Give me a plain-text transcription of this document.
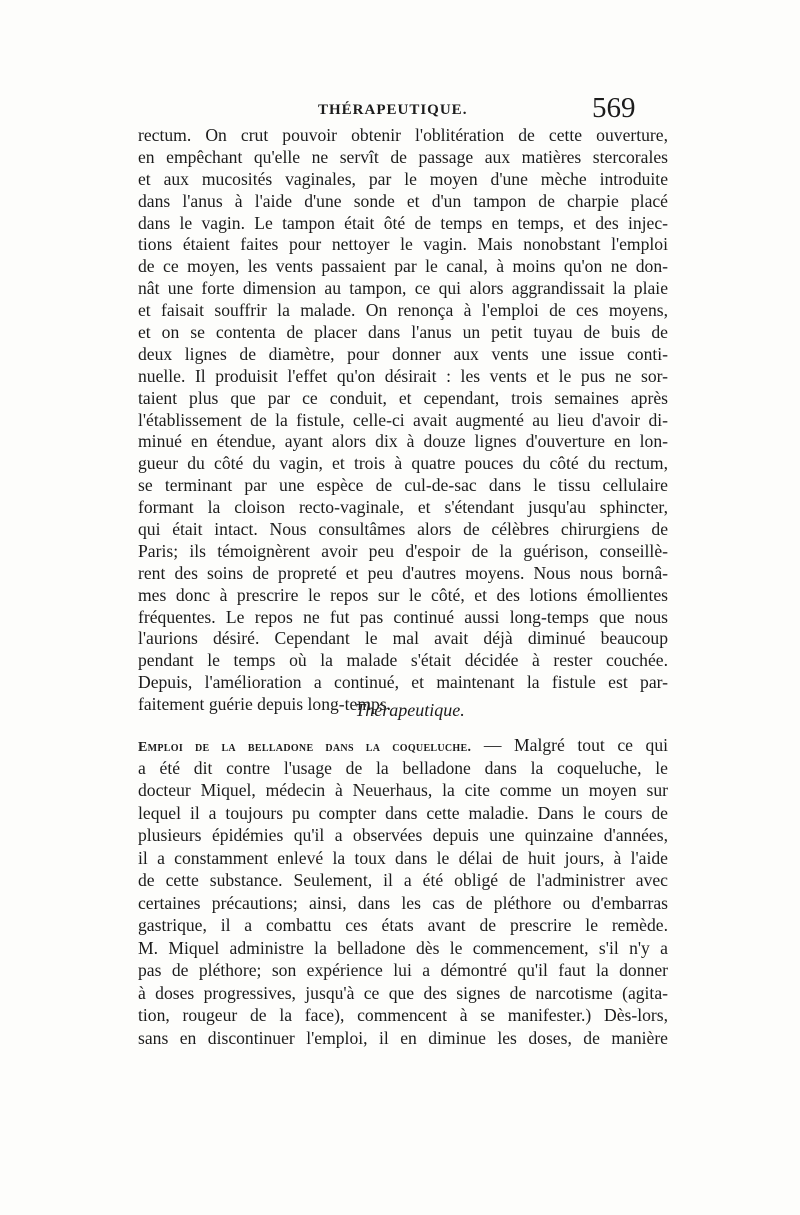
THÉRAPEUTIQUE.	569
rectum. On crut pouvoir obtenir l'oblitération de cette ouverture,
en empêchant qu'elle ne servît de passage aux matières stercorales
et aux mucosités vaginales, par le moyen d'une mèche introduite
dans l'anus à l'aide d'une sonde et d'un tampon de charpie placé
dans le vagin. Le tampon était ôté de temps en temps, et des injec-
tions étaient faites pour nettoyer le vagin. Mais nonobstant l'emploi
de ce moyen, les vents passaient par le canal, à moins qu'on ne don-
nât une forte dimension au tampon, ce qui alors aggrandissait la plaie
et faisait souffrir la malade. On renonça à l'emploi de ces moyens,
et on se contenta de placer dans l'anus un petit tuyau de buis de
deux lignes de diamètre, pour donner aux vents une issue conti-
nuelle. Il produisit l'effet qu'on désirait : les vents et le pus ne sor-
taient plus que par ce conduit, et cependant, trois semaines après
l'établissement de la fistule, celle-ci avait augmenté au lieu d'avoir di-
minué en étendue, ayant alors dix à douze lignes d'ouverture en lon-
gueur du côté du vagin, et trois à quatre pouces du côté du rectum,
se terminant par une espèce de cul-de-sac dans le tissu cellulaire
formant la cloison recto-vaginale, et s'étendant jusqu'au sphincter,
qui était intact. Nous consultâmes alors de célèbres chirurgiens de
Paris; ils témoignèrent avoir peu d'espoir de la guérison, conseillè-
rent des soins de propreté et peu d'autres moyens. Nous nous bornâ-
mes donc à prescrire le repos sur le côté, et des lotions émollientes
fréquentes. Le repos ne fut pas continué aussi long-temps que nous
l'aurions désiré. Cependant le mal avait déjà diminué beaucoup
pendant le temps où la malade s'était décidée à rester couchée.
Depuis, l'amélioration a continué, et maintenant la fistule est par-
faitement guérie depuis long-temps.
Thérapeutique.
Emploi de la belladone dans la coqueluche. — Malgré tout ce qui
a été dit contre l'usage de la belladone dans la coqueluche, le
docteur Miquel, médecin à Neuerhaus, la cite comme un moyen sur
lequel il a toujours pu compter dans cette maladie. Dans le cours de
plusieurs épidémies qu'il a observées depuis une quinzaine d'années,
il a constamment enlevé la toux dans le délai de huit jours, à l'aide
de cette substance. Seulement, il a été obligé de l'administrer avec
certaines précautions; ainsi, dans les cas de pléthore ou d'embarras
gastrique, il a combattu ces états avant de prescrire le remède.
M. Miquel administre la belladone dès le commencement, s'il n'y a
pas de pléthore; son expérience lui a démontré qu'il faut la donner
à doses progressives, jusqu'à ce que des signes de narcotisme (agita-
tion, rougeur de la face), commencent à se manifester.) Dès-lors,
sans en discontinuer l'emploi, il en diminue les doses, de manière
